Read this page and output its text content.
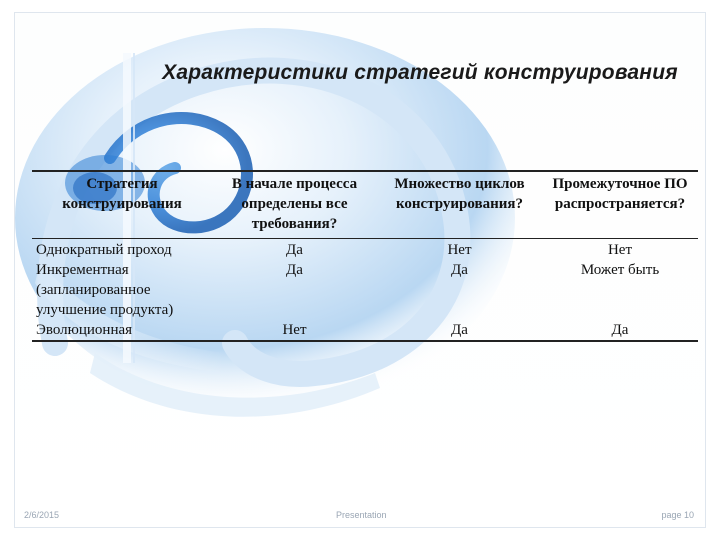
Характеристики стратегий конструирования
Стратегия конструирования	В начале процесса определены все требования?	Множество циклов конструирования?	Промежуточное ПО распространяется?
Однократный проход	Да	Нет	Нет
Инкрементная (запланированное улучшение продукта)	Да	Да	Может быть
Эволюционная	Нет	Да	Да
2/6/2015	Presentation	page 10
